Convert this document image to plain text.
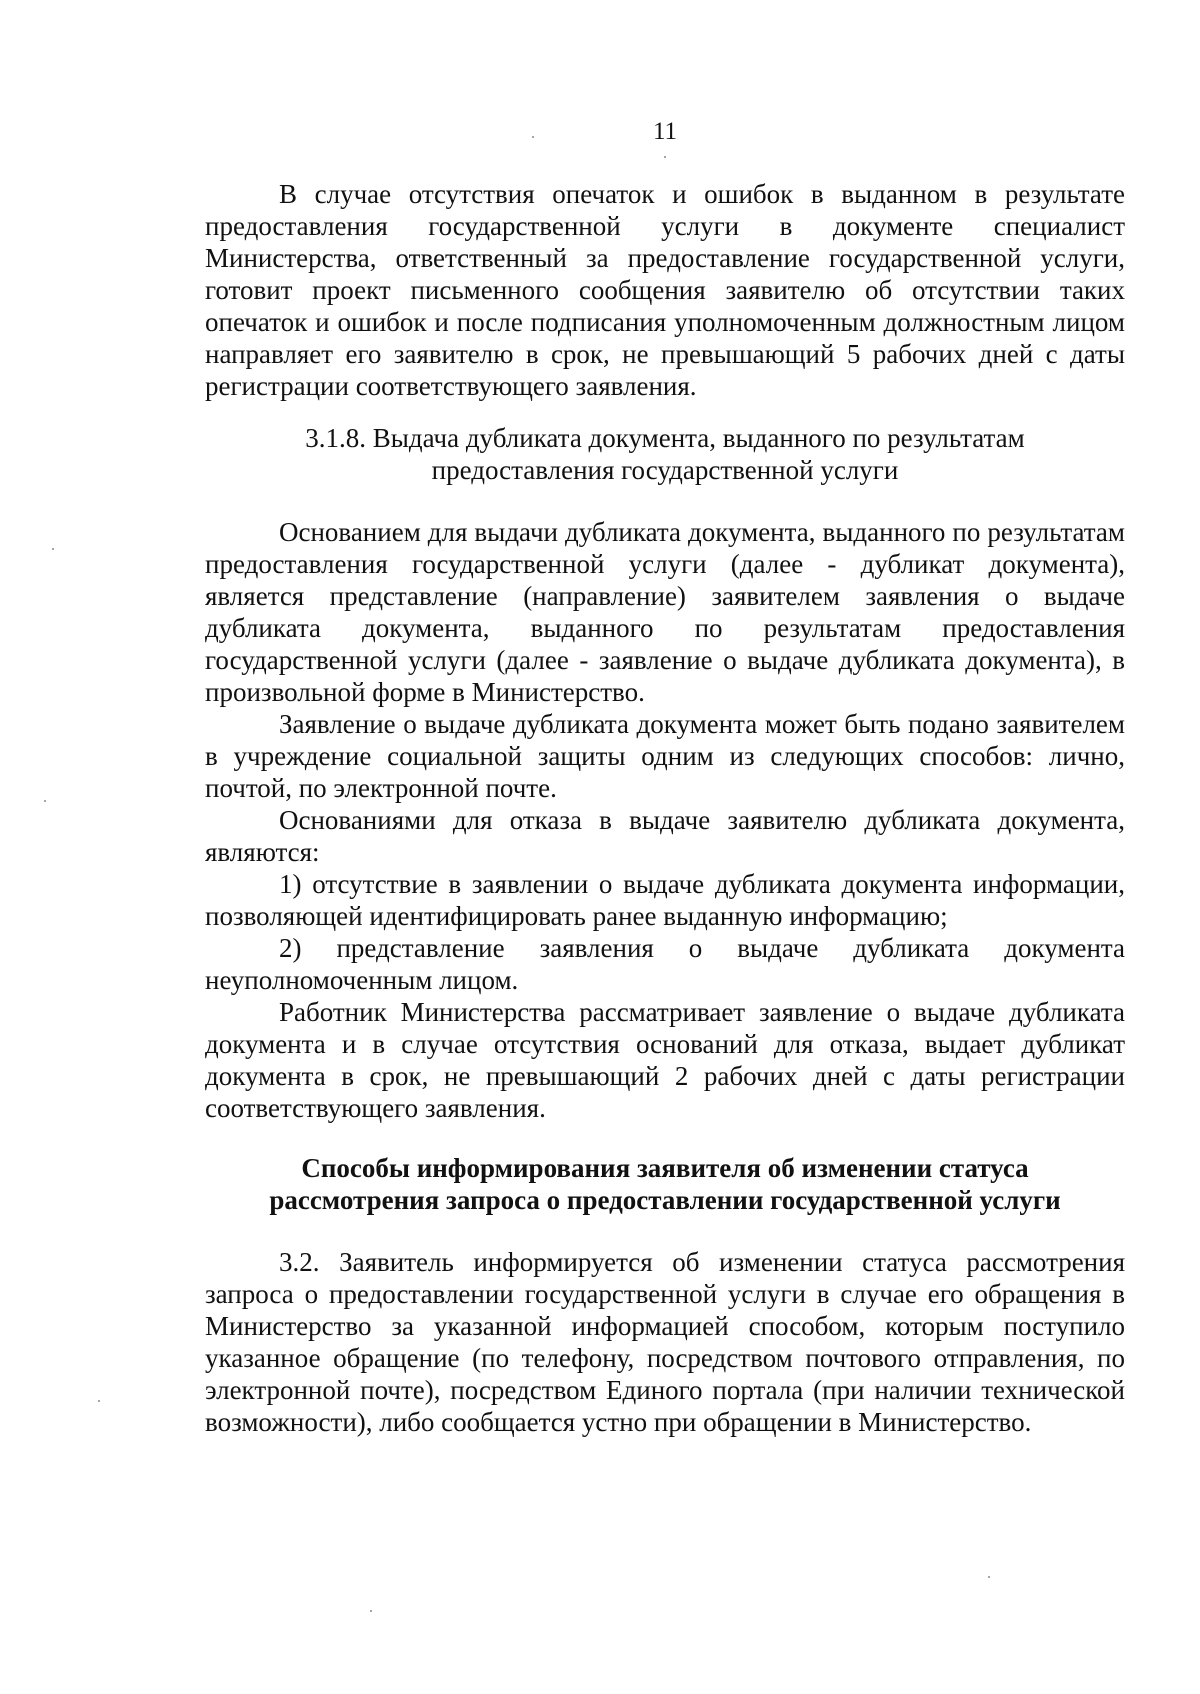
11

В случае отсутствия опечаток и ошибок в выданном в результате предоставления государственной услуги в документе специалист Министерства, ответственный за предоставление государственной услуги, готовит проект письменного сообщения заявителю об отсутствии таких опечаток и ошибок и после подписания уполномоченным должностным лицом направляет его заявителю в срок, не превышающий 5 рабочих дней с даты регистрации соответствующего заявления.

3.1.8. Выдача дубликата документа, выданного по результатам
предоставления государственной услуги

Основанием для выдачи дубликата документа, выданного по результатам предоставления государственной услуги (далее - дубликат документа), является представление (направление) заявителем заявления о выдаче дубликата документа, выданного по результатам предоставления государственной услуги (далее - заявление о выдаче дубликата документа), в произвольной форме в Министерство.

Заявление о выдаче дубликата документа может быть подано заявителем в учреждение социальной защиты одним из следующих способов: лично, почтой, по электронной почте.

Основаниями для отказа в выдаче заявителю дубликата документа, являются:

1) отсутствие в заявлении о выдаче дубликата документа информации, позволяющей идентифицировать ранее выданную информацию;

2) представление заявления о выдаче дубликата документа неуполномоченным лицом.

Работник Министерства рассматривает заявление о выдаче дубликата документа и в случае отсутствия оснований для отказа, выдает дубликат документа в срок, не превышающий 2 рабочих дней с даты регистрации соответствующего заявления.

Способы информирования заявителя об изменении статуса
рассмотрения запроса о предоставлении государственной услуги

3.2. Заявитель информируется об изменении статуса рассмотрения запроса о предоставлении государственной услуги в случае его обращения в Министерство за указанной информацией способом, которым поступило указанное обращение (по телефону, посредством почтового отправления, по электронной почте), посредством Единого портала (при наличии технической возможности), либо сообщается устно при обращении в Министерство.
